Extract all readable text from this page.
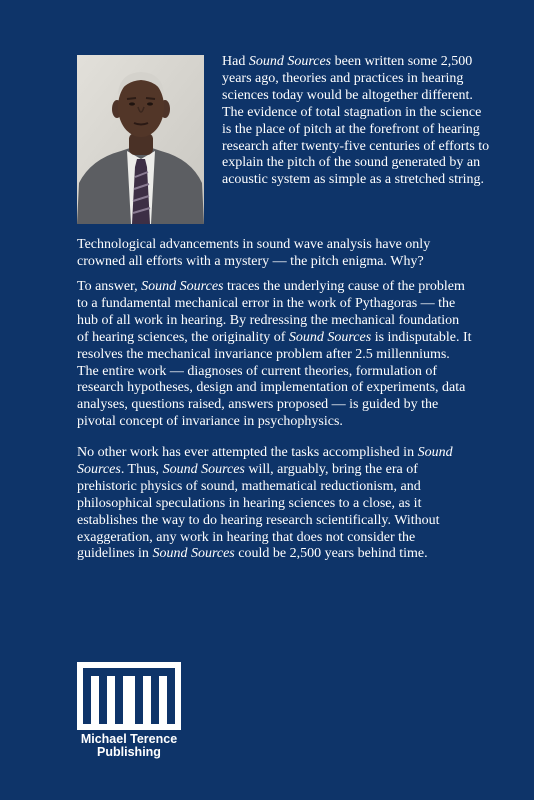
Had Sound Sources been written some 2,500 years ago, theories and practices in hearing sciences today would be altogether different. The evidence of total stagnation in the science is the place of pitch at the forefront of hearing research after twenty-five centuries of efforts to explain the pitch of the sound generated by an acoustic system as simple as a stretched string.

Technological advancements in sound wave analysis have only crowned all efforts with a mystery — the pitch enigma. Why?

To answer, Sound Sources traces the underlying cause of the problem to a fundamental mechanical error in the work of Pythagoras — the hub of all work in hearing. By redressing the mechanical foundation of hearing sciences, the originality of Sound Sources is indisputable. It resolves the mechanical invariance problem after 2.5 millenniums. The entire work — diagnoses of current theories, formulation of research hypotheses, design and implementation of experiments, data analyses, questions raised, answers proposed — is guided by the pivotal concept of invariance in psychophysics.

No other work has ever attempted the tasks accomplished in Sound Sources. Thus, Sound Sources will, arguably, bring the era of prehistoric physics of sound, mathematical reductionism, and philosophical speculations in hearing sciences to a close, as it establishes the way to do hearing research scientifically. Without exaggeration, any work in hearing that does not consider the guidelines in Sound Sources could be 2,500 years behind time.

Michael Terence
Publishing
